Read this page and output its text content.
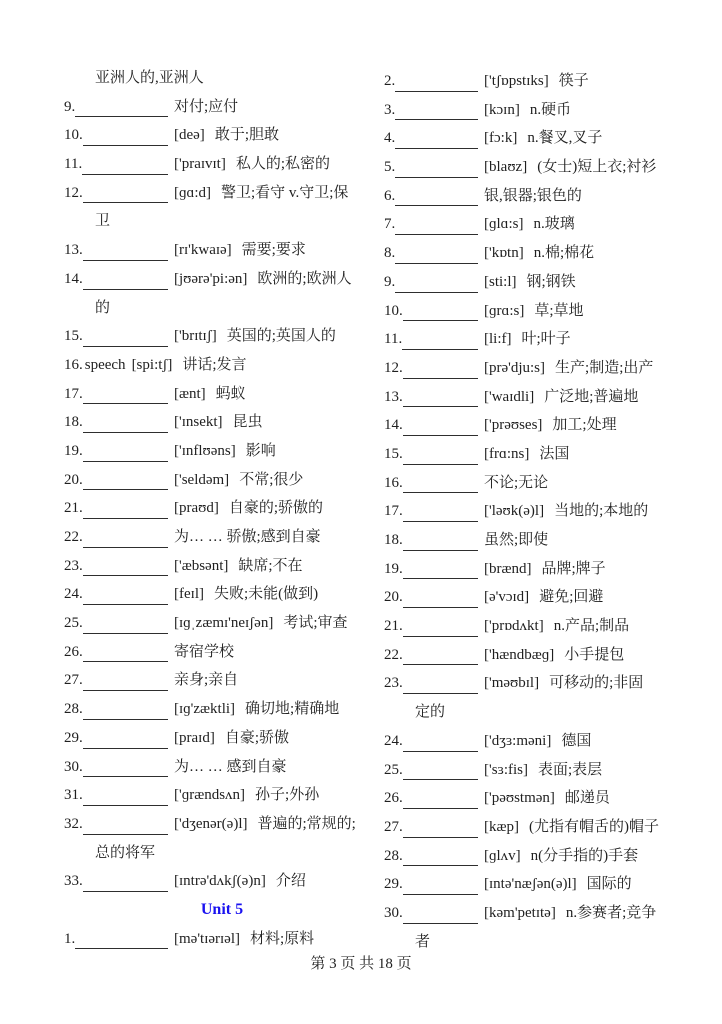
亚洲人的,亚洲人
9.	对付;应付
10.	[deə] 敢于;胆敢
11.	['praɪvɪt] 私人的;私密的
12.	[ɡɑ:d] 警卫;看守 v.守卫;保
卫
13.	[rɪ'kwaɪə] 需要;要求
14.	[jʊərə'pi:ən] 欧洲的;欧洲人
的
15.	['brɪtɪʃ] 英国的;英国人的
16. speech [spi:tʃ] 讲话;发言
17.	[ænt] 蚂蚁
18.	['ɪnsekt] 昆虫
19.	['ɪnflʊəns] 影响
20.	['seldəm] 不常;很少
21.	[praʊd] 自豪的;骄傲的
22.	为… … 骄傲;感到自豪
23.	['æbsənt] 缺席;不在
24.	[feɪl] 失败;未能(做到)
25.	[ɪɡˌzæmɪ'neɪʃən] 考试;审查
26.	寄宿学校
27.	亲身;亲自
28.	[ɪɡ'zæktli] 确切地;精确地
29.	[praɪd] 自豪;骄傲
30.	为… … 感到自豪
31.	['ɡrændsʌn] 孙子;外孙
32.	['dʒenər(ə)l] 普遍的;常规的;
总的将军
33.	[ɪntrə'dʌkʃ(ə)n] 介绍
Unit 5
1.	[mə'tɪərɪəl] 材料;原料
2.	['tʃɒpstɪks] 筷子
3.	[kɔɪn] n.硬币
4.	[fɔ:k] n.餐叉,叉子
5.	[blaʊz] (女士)短上衣;衬衫
6.	银,银器;银色的
7.	[ɡlɑ:s] n.玻璃
8.	['kɒtn] n.棉;棉花
9.	[sti:l] 钢;钢铁
10.	[ɡrɑ:s] 草;草地
11.	[li:f] 叶;叶子
12.	[prə'dju:s] 生产;制造;出产
13.	['waɪdli] 广泛地;普遍地
14.	['prəʊses] 加工;处理
15.	[frɑ:ns] 法国
16.	不论;无论
17.	['ləʊk(ə)l] 当地的;本地的
18.	虽然;即使
19.	[brænd] 品牌;牌子
20.	[ə'vɔɪd] 避免;回避
21.	['prɒdʌkt] n.产品;制品
22.	['hændbæɡ] 小手提包
23.	['məʊbɪl] 可移动的;非固
定的
24.	['dʒɜ:məni] 德国
25.	['sɜ:fis] 表面;表层
26.	['pəʊstmən] 邮递员
27.	[kæp] (尤指有帽舌的)帽子
28.	[ɡlʌv] n(分手指的)手套
29.	[ɪntə'næʃən(ə)l] 国际的
30.	[kəm'petɪtə] n.参赛者;竞争
者
第 3 页 共 18 页
